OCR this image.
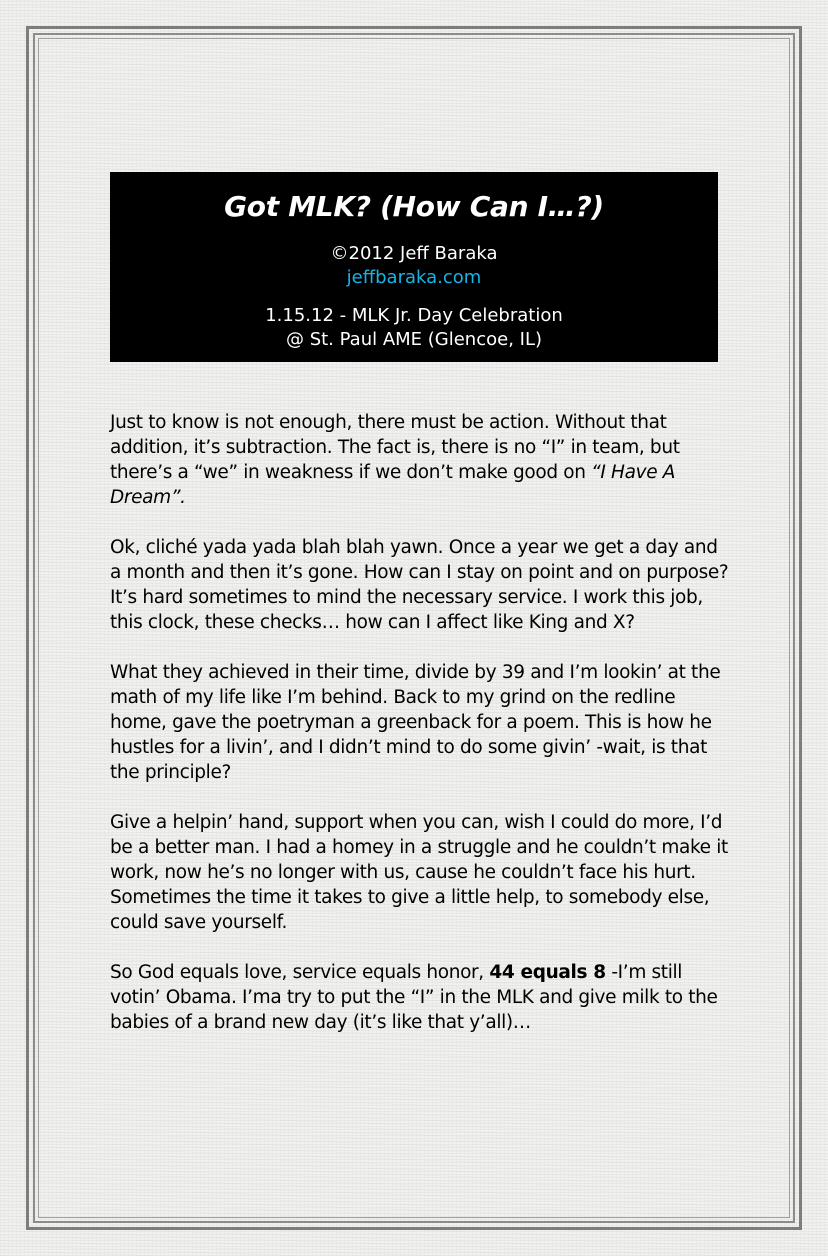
Got MLK? (How Can I…?)

©2012 Jeff Baraka

jeffbaraka.com

1.15.12 - MLK Jr. Day Celebration

@ St. Paul AME (Glencoe, IL)

Just to know is not enough, there must be action. Without that addition, it’s subtraction. The fact is, there is no “I” in team, but there’s a “we” in weakness if we don’t make good on “I Have A Dream”.

Ok, cliché yada yada blah blah yawn. Once a year we get a day and a month and then it’s gone. How can I stay on point and on purpose? It’s hard sometimes to mind the necessary service. I work this job, this clock, these checks… how can I affect like King and X?

What they achieved in their time, divide by 39 and I’m lookin’ at the math of my life like I’m behind. Back to my grind on the redline home, gave the poetryman a greenback for a poem. This is how he hustles for a livin’, and I didn’t mind to do some givin’ -wait, is that the principle?

Give a helpin’ hand, support when you can, wish I could do more, I’d be a better man. I had a homey in a struggle and he couldn’t make it work, now he’s no longer with us, cause he couldn’t face his hurt. Sometimes the time it takes to give a little help, to somebody else, could save yourself.

So God equals love, service equals honor, 44 equals 8 -I’m still votin’ Obama. I’ma try to put the “I” in the MLK and give milk to the babies of a brand new day (it’s like that y’all)…
